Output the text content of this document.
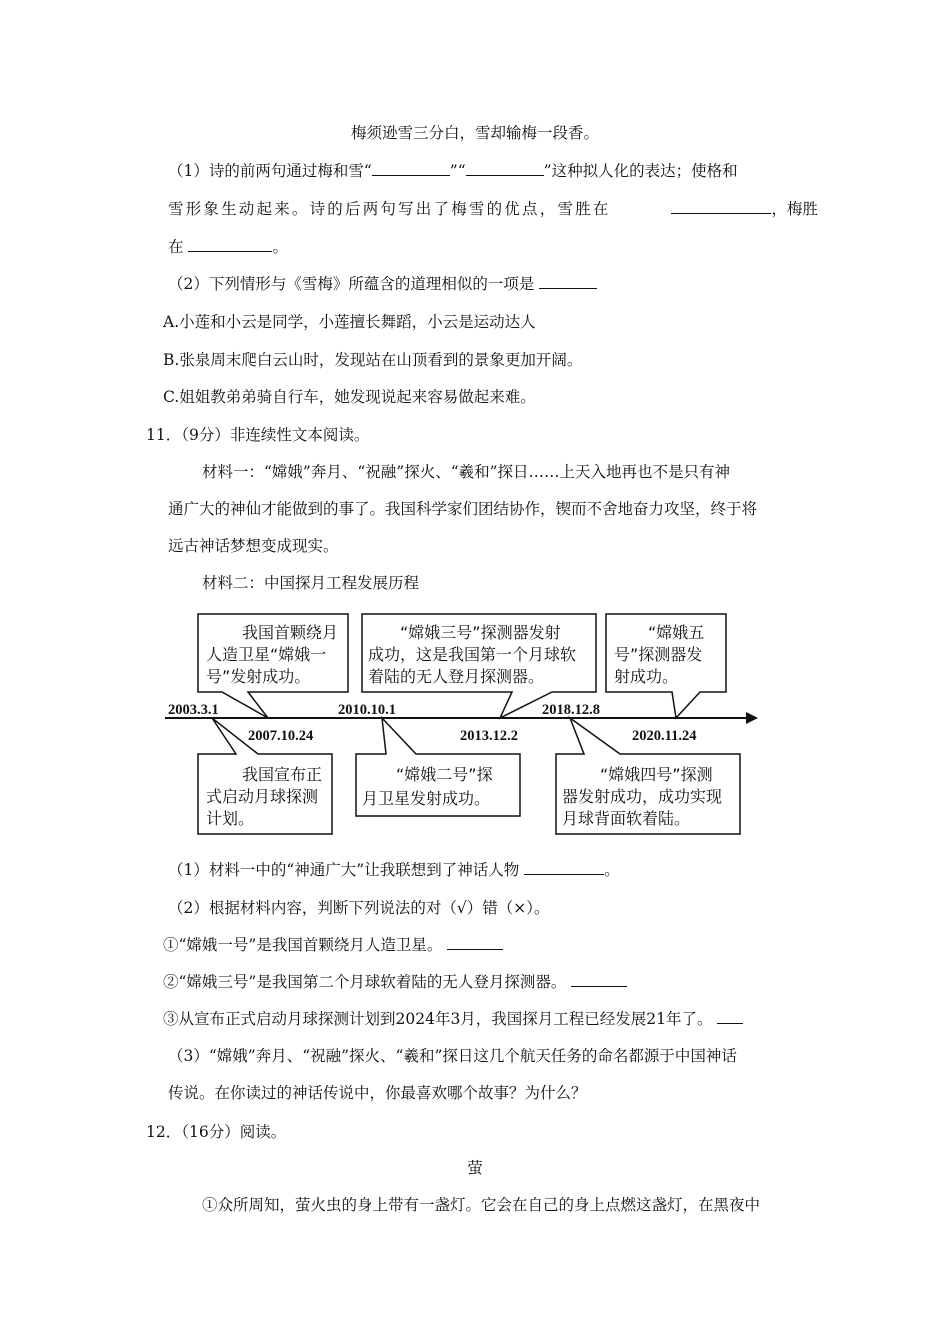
梅须逊雪三分白，雪却输梅一段香。
（1）诗的前两句通过梅和雪“	”“	”这种拟人化的表达；使格和
雪形象生动起来。诗的后两句写出了梅雪的优点，雪胜在	，梅胜
在	。
（2）下列情形与《雪梅》所蕴含的道理相似的一项是
A.小莲和小云是同学，小莲擅长舞蹈，小云是运动达人
B.张泉周末爬白云山时，发现站在山顶看到的景象更加开阔。
C.姐姐教弟弟骑自行车，她发现说起来容易做起来难。
11．（9分）非连续性文本阅读。
材料一：“嫦娥”奔月、“祝融”探火、“羲和”探日……上天入地再也不是只有神
通广大的神仙才能做到的事了。我国科学家们团结协作，锲而不舍地奋力攻坚，终于将
远古神话梦想变成现实。
材料二：中国探月工程发展历程
我国首颗绕月
人造卫星“嫦娥一
号”发射成功。
“嫦娥三号”探测器发射
成功，这是我国第一个月球软
着陆的无人登月探测器。
“嫦娥五
号”探测器发
射成功。
2003.3.1	2010.10.1	2018.12.8
2007.10.24	2013.12.2	2020.11.24
我国宣布正
式启动月球探测
计划。
“嫦娥二号”探
月卫星发射成功。
“嫦娥四号”探测
器发射成功，成功实现
月球背面软着陆。
（1）材料一中的“神通广大”让我联想到了神话人物	。
（2）根据材料内容，判断下列说法的对（√）错（×）。
①“嫦娥一号”是我国首颗绕月人造卫星。
②“嫦娥三号”是我国第二个月球软着陆的无人登月探测器。
③从宣布正式启动月球探测计划到2024年3月，我国探月工程已经发展21年了。
（3）“嫦娥”奔月、“祝融”探火、“羲和”探日这几个航天任务的命名都源于中国神话
传说。在你读过的神话传说中，你最喜欢哪个故事？为什么？
12．（16分）阅读。
萤
①众所周知，萤火虫的身上带有一盏灯。它会在自己的身上点燃这盏灯，在黑夜中
